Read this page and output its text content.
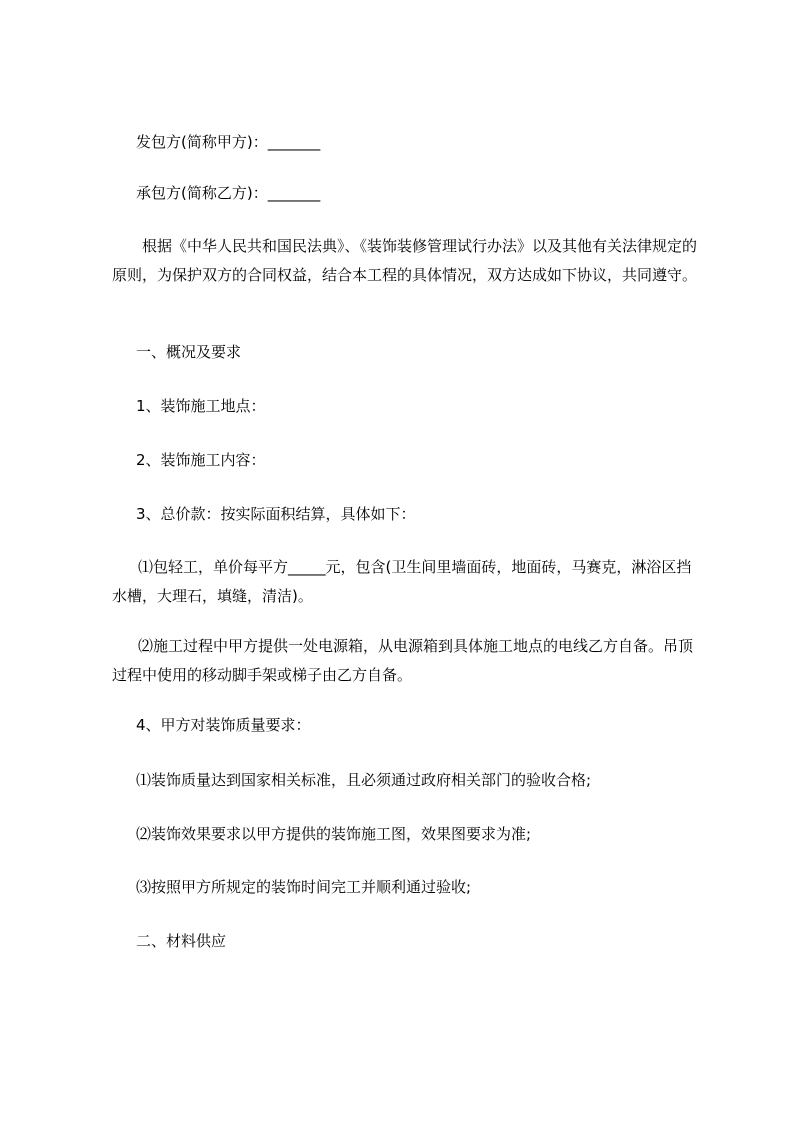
发包方(简称甲方)：_______

承包方(简称乙方)：_______

根据《中华人民共和国民法典》、《装饰装修管理试行办法》以及其他有关法律规定的原则，为保护双方的合同权益，结合本工程的具体情况，双方达成如下协议，共同遵守。

一、概况及要求

1、装饰施工地点：

2、装饰施工内容：

3、总价款：按实际面积结算，具体如下：

⑴包轻工，单价每平方_____元，包含(卫生间里墙面砖，地面砖，马赛克，淋浴区挡水槽，大理石，填缝，清洁)。

⑵施工过程中甲方提供一处电源箱，从电源箱到具体施工地点的电线乙方自备。吊顶过程中使用的移动脚手架或梯子由乙方自备。

4、甲方对装饰质量要求：

⑴装饰质量达到国家相关标准，且必须通过政府相关部门的验收合格;

⑵装饰效果要求以甲方提供的装饰施工图，效果图要求为准;

⑶按照甲方所规定的装饰时间完工并顺利通过验收;

二、材料供应
